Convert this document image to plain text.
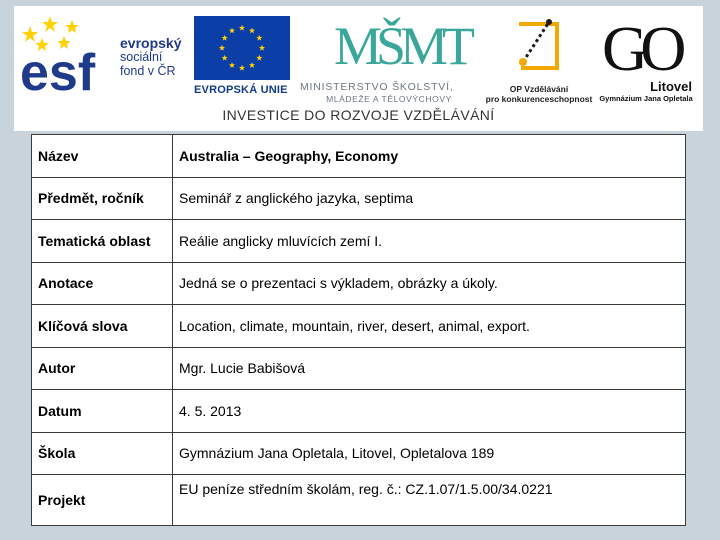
esf
evropský
sociální
fond v ČR
EVROPSKÁ UNIE
MŠMT
MINISTERSTVO ŠKOLSTVÍ,
MLÁDEŽE A TĚLOVÝCHOVY
OP Vzdělávání
pro konkurenceschopnost
GO
Litovel
Gymnázium Jana Opletala
INVESTICE DO ROZVOJE VZDĚLÁVÁNÍ
Název	Australia – Geography, Economy
Předmět, ročník	Seminář z anglického jazyka, septima
Tematická oblast	Reálie anglicky mluvících zemí I.
Anotace	Jedná se o prezentaci s výkladem, obrázky a úkoly.
Klíčová slova	Location, climate, mountain, river, desert, animal, export.
Autor	Mgr. Lucie Babišová
Datum	4. 5. 2013
Škola	Gymnázium Jana Opletala, Litovel, Opletalova 189
Projekt	EU peníze středním školám, reg. č.: CZ.1.07/1.5.00/34.0221
